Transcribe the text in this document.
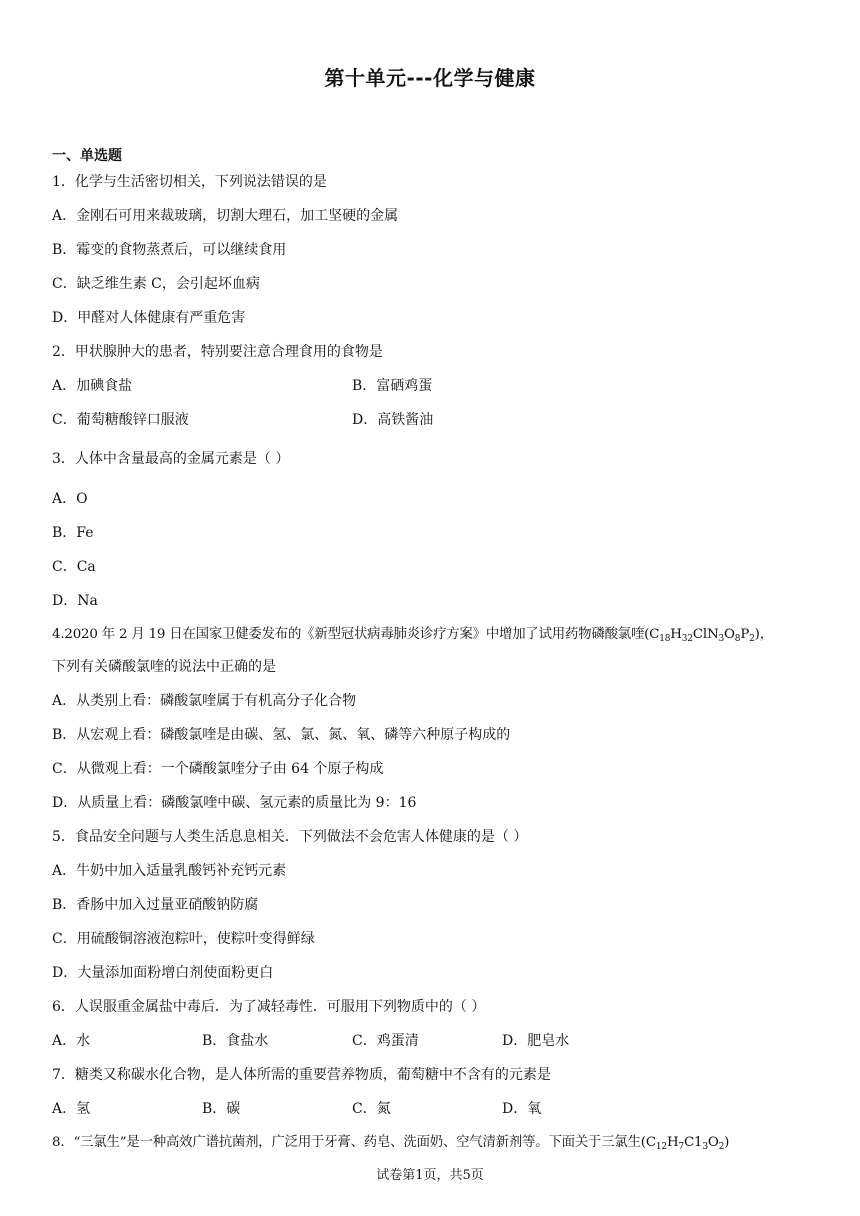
第十单元---化学与健康
一、单选题
1．化学与生活密切相关，下列说法错误的是
A．金刚石可用来裁玻璃，切割大理石，加工坚硬的金属
B．霉变的食物蒸煮后，可以继续食用
C．缺乏维生素 C，会引起坏血病
D．甲醛对人体健康有严重危害
2．甲状腺肿大的患者，特别要注意合理食用的食物是
A．加碘食盐	B．富硒鸡蛋
C．葡萄糖酸锌口服液	D．高铁酱油
3．人体中含量最高的金属元素是（ ）
A．O
B．Fe
C．Ca
D．Na
4.2020 年 2 月 19 日在国家卫健委发布的《新型冠状病毒肺炎诊疗方案》中增加了试用药物磷酸氯喹$(C_{18}H_{32}ClN_3O_8P_2)$，
下列有关磷酸氯喹的说法中正确的是
A．从类别上看：磷酸氯喹属于有机高分子化合物
B．从宏观上看：磷酸氯喹是由碳、氢、氯、氮、氧、磷等六种原子构成的
C．从微观上看：一个磷酸氯喹分子由 64 个原子构成
D．从质量上看：磷酸氯喹中碳、氢元素的质量比为 9：16
5．食品安全问题与人类生活息息相关．下列做法不会危害人体健康的是（ ）
A．牛奶中加入适量乳酸钙补充钙元素
B．香肠中加入过量亚硝酸钠防腐
C．用硫酸铜溶液泡粽叶，使粽叶变得鲜绿
D．大量添加面粉增白剂使面粉更白
6．人误服重金属盐中毒后．为了减轻毒性．可服用下列物质中的（ ）
A．水	B．食盐水	C．鸡蛋清	D．肥皂水
7．糖类又称碳水化合物，是人体所需的重要营养物质，葡萄糖中不含有的元素是
A．氢	B．碳	C．氮	D．氧
8．“三氯生”是一种高效广谱抗菌剂，广泛用于牙膏、药皂、洗面奶、空气清新剂等。下面关于三氯生$(C_{12}H_7C1_3O_2)$
试卷第1页，共5页
